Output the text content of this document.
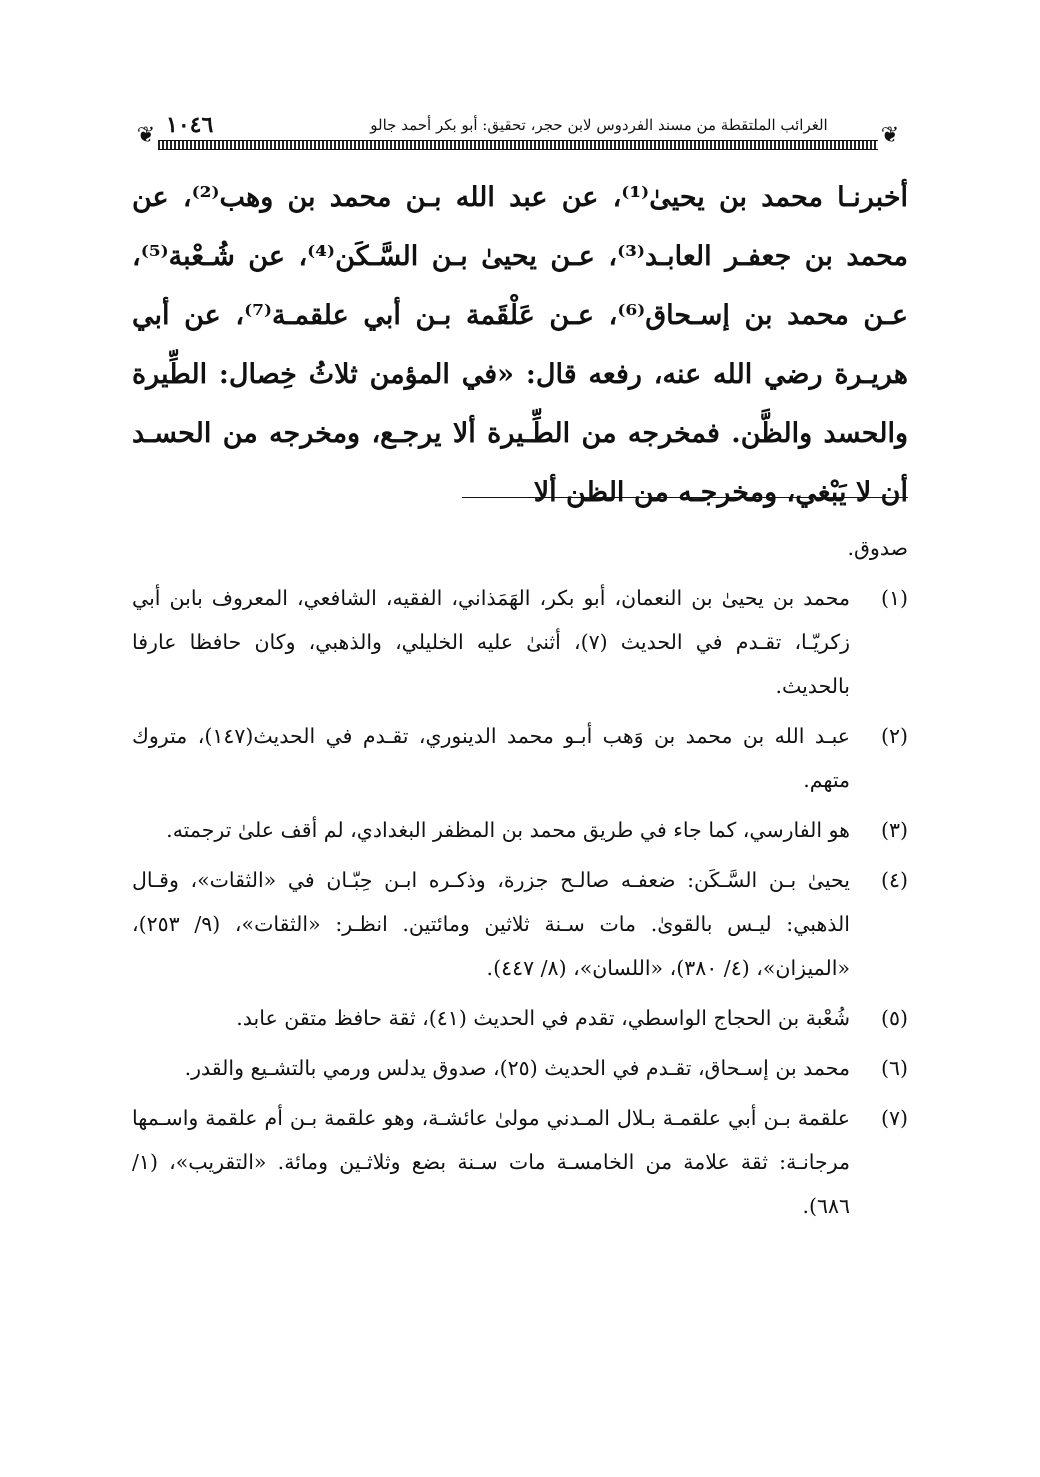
❦	❦
١٠٤٦	الغرائب الملتقطة من مسند الفردوس لابن حجر، تحقيق: أبو بكر أحمد جالو

أخبرنـا محمد بن يحيىٰ⁽¹⁾، عن عبد الله بـن محمد بن وهب⁽²⁾، عن محمد بن جعفـر العابـد⁽³⁾، عـن يحيىٰ بـن السَّـكَن⁽⁴⁾، عن شُـعْبة⁽⁵⁾، عـن محمد بن إسـحاق⁽⁶⁾، عـن عَلْقَمة بـن أبي علقمـة⁽⁷⁾، عن أبي هريـرة رضي الله عنه، رفعه قال: «في المؤمن ثلاثُ خِصال: الطِّيرة والحسد والظَّن. فمخرجه من الطِّـيرة ألا يرجـع، ومخرجه من الحسـد أن لا يَبْغي، ومخرجـه من الظن ألا

صدوق.

(١)
محمد بن يحيىٰ بن النعمان، أبو بكر، الهَمَذاني، الفقيه، الشافعي، المعروف بابن أبي زكريّـا، تقـدم في الحديث (٧)، أثنىٰ عليه الخليلي، والذهبي، وكان حافظا عارفا بالحديث.
(٢)
عبـد الله بن محمد بن وَهب أبـو محمد الدينوري، تقـدم في الحديث(١٤٧)، متروك متهم.
(٣)
هو الفارسي، كما جاء في طريق محمد بن المظفر البغدادي، لم أقف علىٰ ترجمته.
(٤)
يحيىٰ بـن السَّـكَن: ضعفـه صالـح جزرة، وذكـره ابـن حِبّـان في «الثقات»، وقـال الذهبي: ليـس بالقوىٰ. مات سـنة ثلاثين ومائتين. انظـر: «الثقات»، (٩/ ٢٥٣)، «الميزان»، (٤/ ٣٨٠)، «اللسان»، (٨/ ٤٤٧).
(٥)
شُعْبة بن الحجاج الواسطي، تقدم في الحديث (٤١)، ثقة حافظ متقن عابد.
(٦)
محمد بن إسـحاق، تقـدم في الحديث (٢٥)، صدوق يدلس ورمي بالتشـيع والقدر.
(٧)
علقمة بـن أبي علقمـة بـلال المـدني مولىٰ عائشـة، وهو علقمة بـن أم علقمة واسـمها مرجانـة: ثقة علامة من الخامسـة مات سـنة بضع وثلاثـين ومائة. «التقريب»، (١/ ٦٨٦).
